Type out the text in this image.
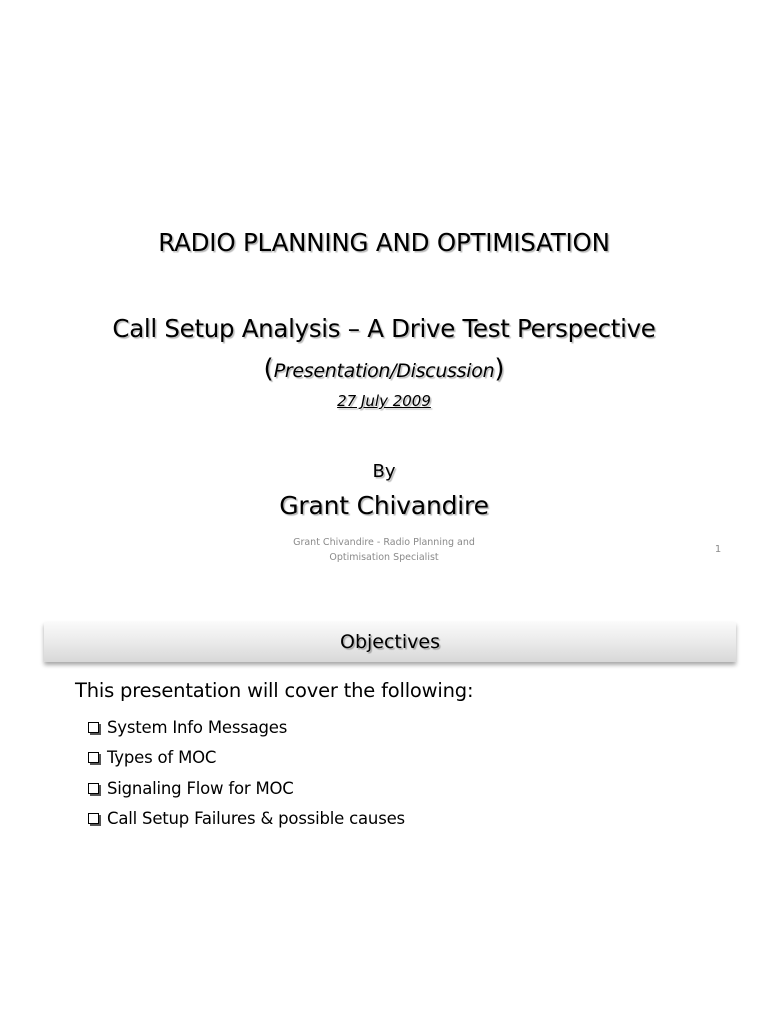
RADIO PLANNING AND OPTIMISATION
Call Setup Analysis – A Drive Test Perspective
(Presentation/Discussion)
27 July 2009
By
Grant Chivandire
Grant Chivandire - Radio Planning and
Optimisation Specialist
1
Objectives
This presentation will cover the following:
System Info Messages
Types of MOC
Signaling Flow for MOC
Call Setup Failures & possible causes
